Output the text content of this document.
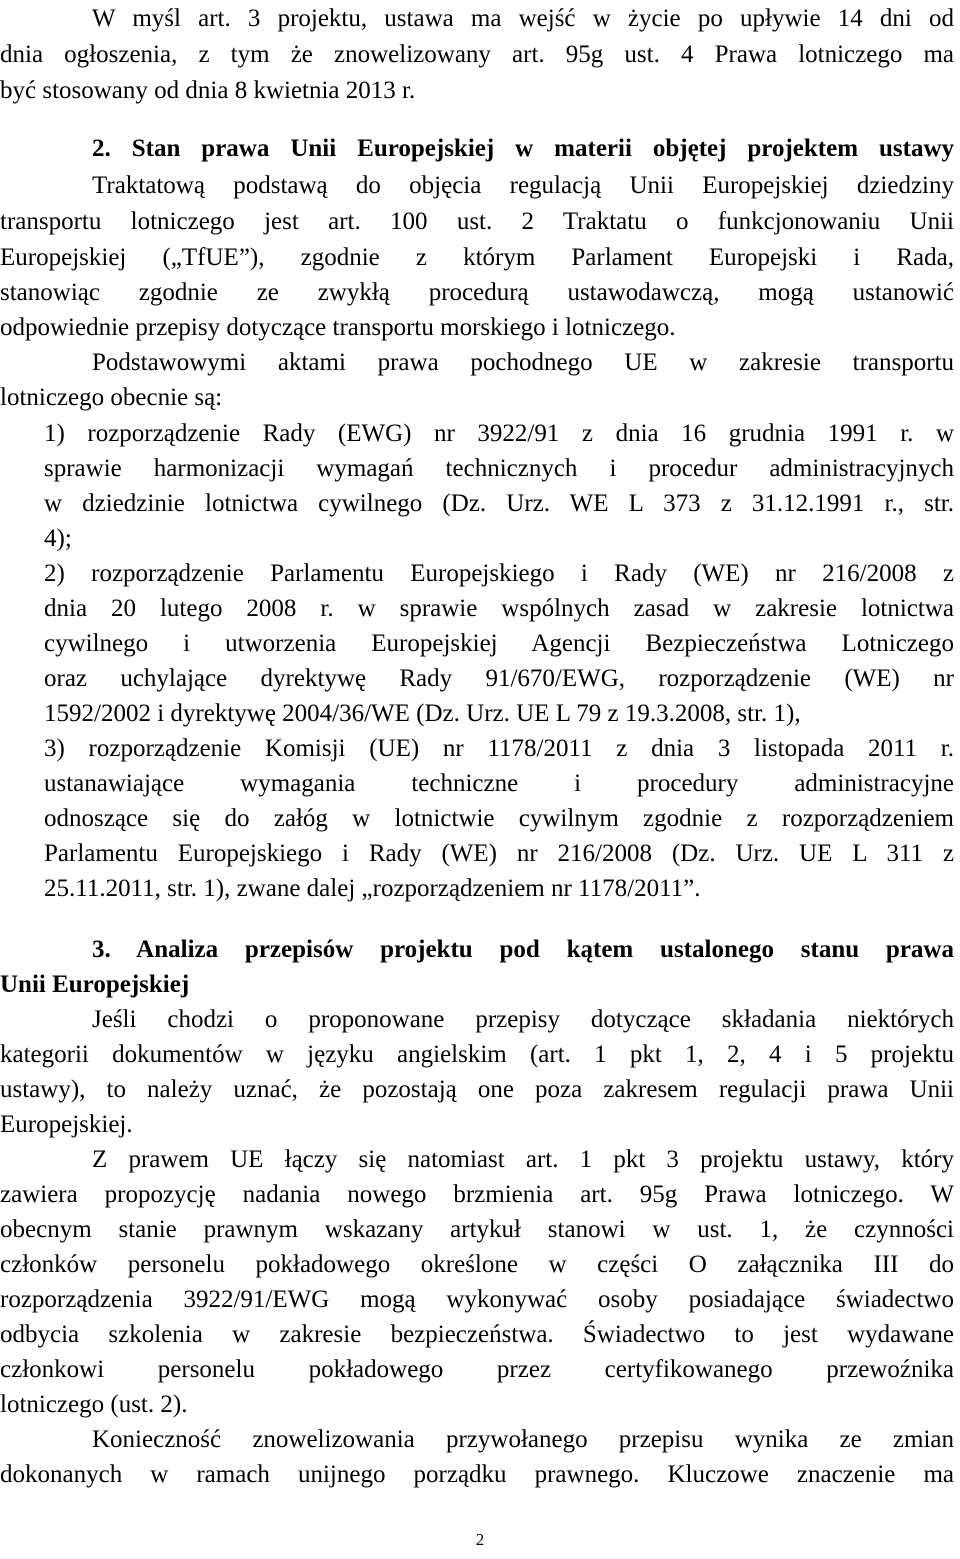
W myśl art. 3 projektu, ustawa ma wejść w życie po upływie 14 dni od
dnia ogłoszenia, z tym że znowelizowany art. 95g ust. 4 Prawa lotniczego ma
być stosowany od dnia 8 kwietnia 2013 r.
2. Stan prawa Unii Europejskiej w materii objętej projektem ustawy
Traktatową podstawą do objęcia regulacją Unii Europejskiej dziedziny
transportu lotniczego jest art. 100 ust. 2 Traktatu o funkcjonowaniu Unii
Europejskiej („TfUE”), zgodnie z którym Parlament Europejski i Rada,
stanowiąc zgodnie ze zwykłą procedurą ustawodawczą, mogą ustanowić
odpowiednie przepisy dotyczące transportu morskiego i lotniczego.
Podstawowymi aktami prawa pochodnego UE w zakresie transportu
lotniczego obecnie są:
1) rozporządzenie Rady (EWG) nr 3922/91 z dnia 16 grudnia 1991 r. w
sprawie harmonizacji wymagań technicznych i procedur administracyjnych
w dziedzinie lotnictwa cywilnego (Dz. Urz. WE L 373 z 31.12.1991 r., str.
4);
2) rozporządzenie Parlamentu Europejskiego i Rady (WE) nr 216/2008 z
dnia 20 lutego 2008 r. w sprawie wspólnych zasad w zakresie lotnictwa
cywilnego i utworzenia Europejskiej Agencji Bezpieczeństwa Lotniczego
oraz uchylające dyrektywę Rady 91/670/EWG, rozporządzenie (WE) nr
1592/2002 i dyrektywę 2004/36/WE (Dz. Urz. UE L 79 z 19.3.2008, str. 1),
3) rozporządzenie Komisji (UE) nr 1178/2011 z dnia 3 listopada 2011 r.
ustanawiające wymagania techniczne i procedury administracyjne
odnoszące się do załóg w lotnictwie cywilnym zgodnie z rozporządzeniem
Parlamentu Europejskiego i Rady (WE) nr 216/2008 (Dz. Urz. UE L 311 z
25.11.2011, str. 1), zwane dalej „rozporządzeniem nr 1178/2011”.
3. Analiza przepisów projektu pod kątem ustalonego stanu prawa
Unii Europejskiej
Jeśli chodzi o proponowane przepisy dotyczące składania niektórych
kategorii dokumentów w języku angielskim (art. 1 pkt 1, 2, 4 i 5 projektu
ustawy), to należy uznać, że pozostają one poza zakresem regulacji prawa Unii
Europejskiej.
Z prawem UE łączy się natomiast art. 1 pkt 3 projektu ustawy, który
zawiera propozycję nadania nowego brzmienia art. 95g Prawa lotniczego. W
obecnym stanie prawnym wskazany artykuł stanowi w ust. 1, że czynności
członków personelu pokładowego określone w części O załącznika III do
rozporządzenia 3922/91/EWG mogą wykonywać osoby posiadające świadectwo
odbycia szkolenia w zakresie bezpieczeństwa. Świadectwo to jest wydawane
członkowi personelu pokładowego przez certyfikowanego przewoźnika
lotniczego (ust. 2).
Konieczność znowelizowania przywołanego przepisu wynika ze zmian
dokonanych w ramach unijnego porządku prawnego. Kluczowe znaczenie ma
2
